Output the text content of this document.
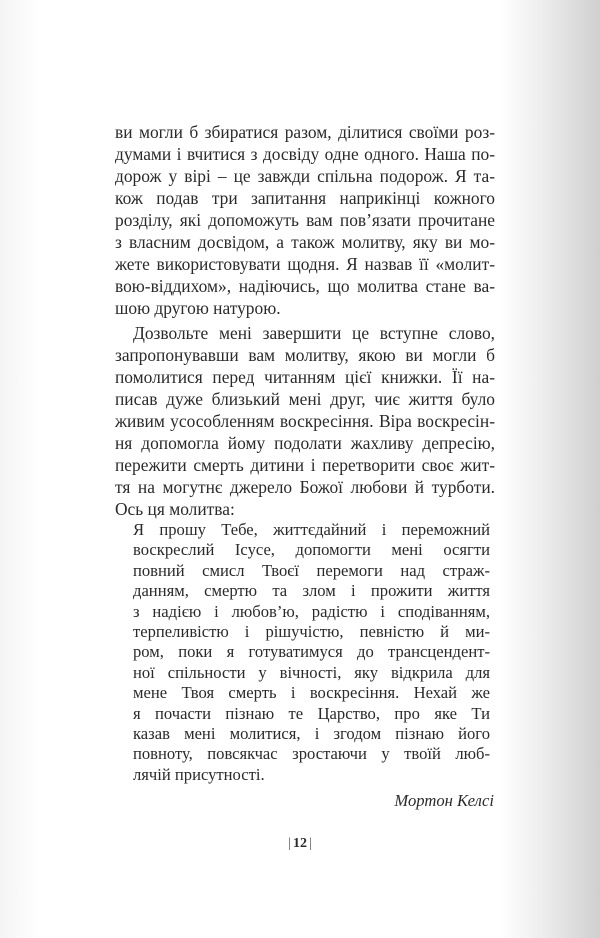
ви могли б збиратися разом, ділитися своїми роз-
думами і вчитися з досвіду одне одного. Наша по-
дорож у вірі – це завжди спільна подорож. Я та-
кож подав три запитання наприкінці кожного
розділу, які допоможуть вам пов’язати прочитане
з власним досвідом, а також молитву, яку ви мо-
жете використовувати щодня. Я назвав її «молит-
вою-віддихом», надіючись, що молитва стане ва-
шою другою натурою.
Дозвольте мені завершити це вступне слово,
запропонувавши вам молитву, якою ви могли б
помолитися перед читанням цієї книжки. Її на-
писав дуже близький мені друг, чиє життя було
живим усособленням воскресіння. Віра воскресін-
ня допомогла йому подолати жахливу депресію,
пережити смерть дитини і перетворити своє жит-
тя на могутнє джерело Божої любови й турботи.
Ось ця молитва:
Я прошу Тебе, життєдайний і переможний
воскреслий Ісусе, допомогти мені осягти
повний смисл Твоєї перемоги над страж-
данням, смертю та злом і прожити життя
з надією і любов’ю, радістю і сподіванням,
терпеливістю і рішучістю, певністю й ми-
ром, поки я готуватимуся до трансцендент-
ної спільности у вічності, яку відкрила для
мене Твоя смерть і воскресіння. Нехай же
я почасти пізнаю те Царство, про яке Ти
казав мені молитися, і згодом пізнаю його
повноту, повсякчас зростаючи у твоїй люб-
лячій присутності.
Мортон Келсі
| 12 |
